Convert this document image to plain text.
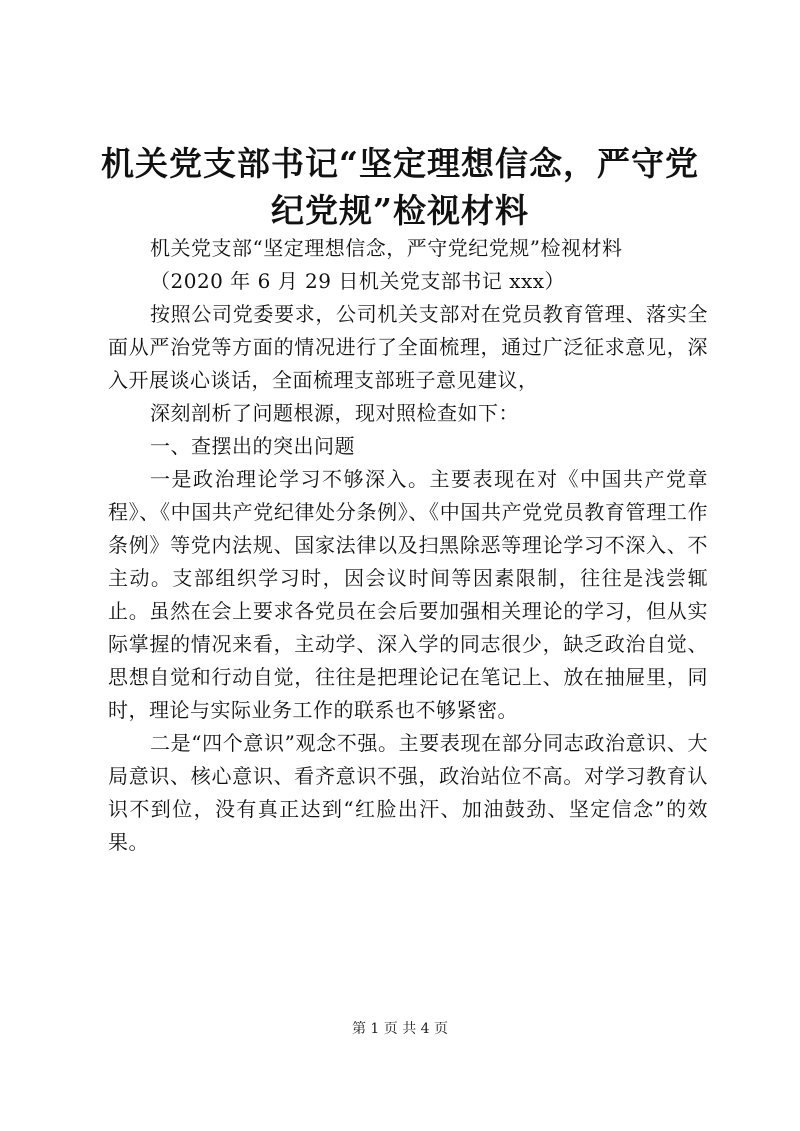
机关党支部书记“坚定理想信念，严守党纪党规”检视材料

机关党支部“坚定理想信念，严守党纪党规”检视材料

（2020 年 6 月 29 日机关党支部书记 xxx）

按照公司党委要求，公司机关支部对在党员教育管理、落实全面从严治党等方面的情况进行了全面梳理，通过广泛征求意见，深入开展谈心谈话，全面梳理支部班子意见建议，

深刻剖析了问题根源，现对照检查如下：

一、查摆出的突出问题

一是政治理论学习不够深入。主要表现在对《中国共产党章程》、《中国共产党纪律处分条例》、《中国共产党党员教育管理工作条例》等党内法规、国家法律以及扫黑除恶等理论学习不深入、不主动。支部组织学习时，因会议时间等因素限制，往往是浅尝辄止。虽然在会上要求各党员在会后要加强相关理论的学习，但从实际掌握的情况来看，主动学、深入学的同志很少，缺乏政治自觉、思想自觉和行动自觉，往往是把理论记在笔记上、放在抽屉里，同时，理论与实际业务工作的联系也不够紧密。

二是“四个意识”观念不强。主要表现在部分同志政治意识、大局意识、核心意识、看齐意识不强，政治站位不高。对学习教育认识不到位，没有真正达到“红脸出汗、加油鼓劲、坚定信念”的效果。

第 1 页 共 4 页
